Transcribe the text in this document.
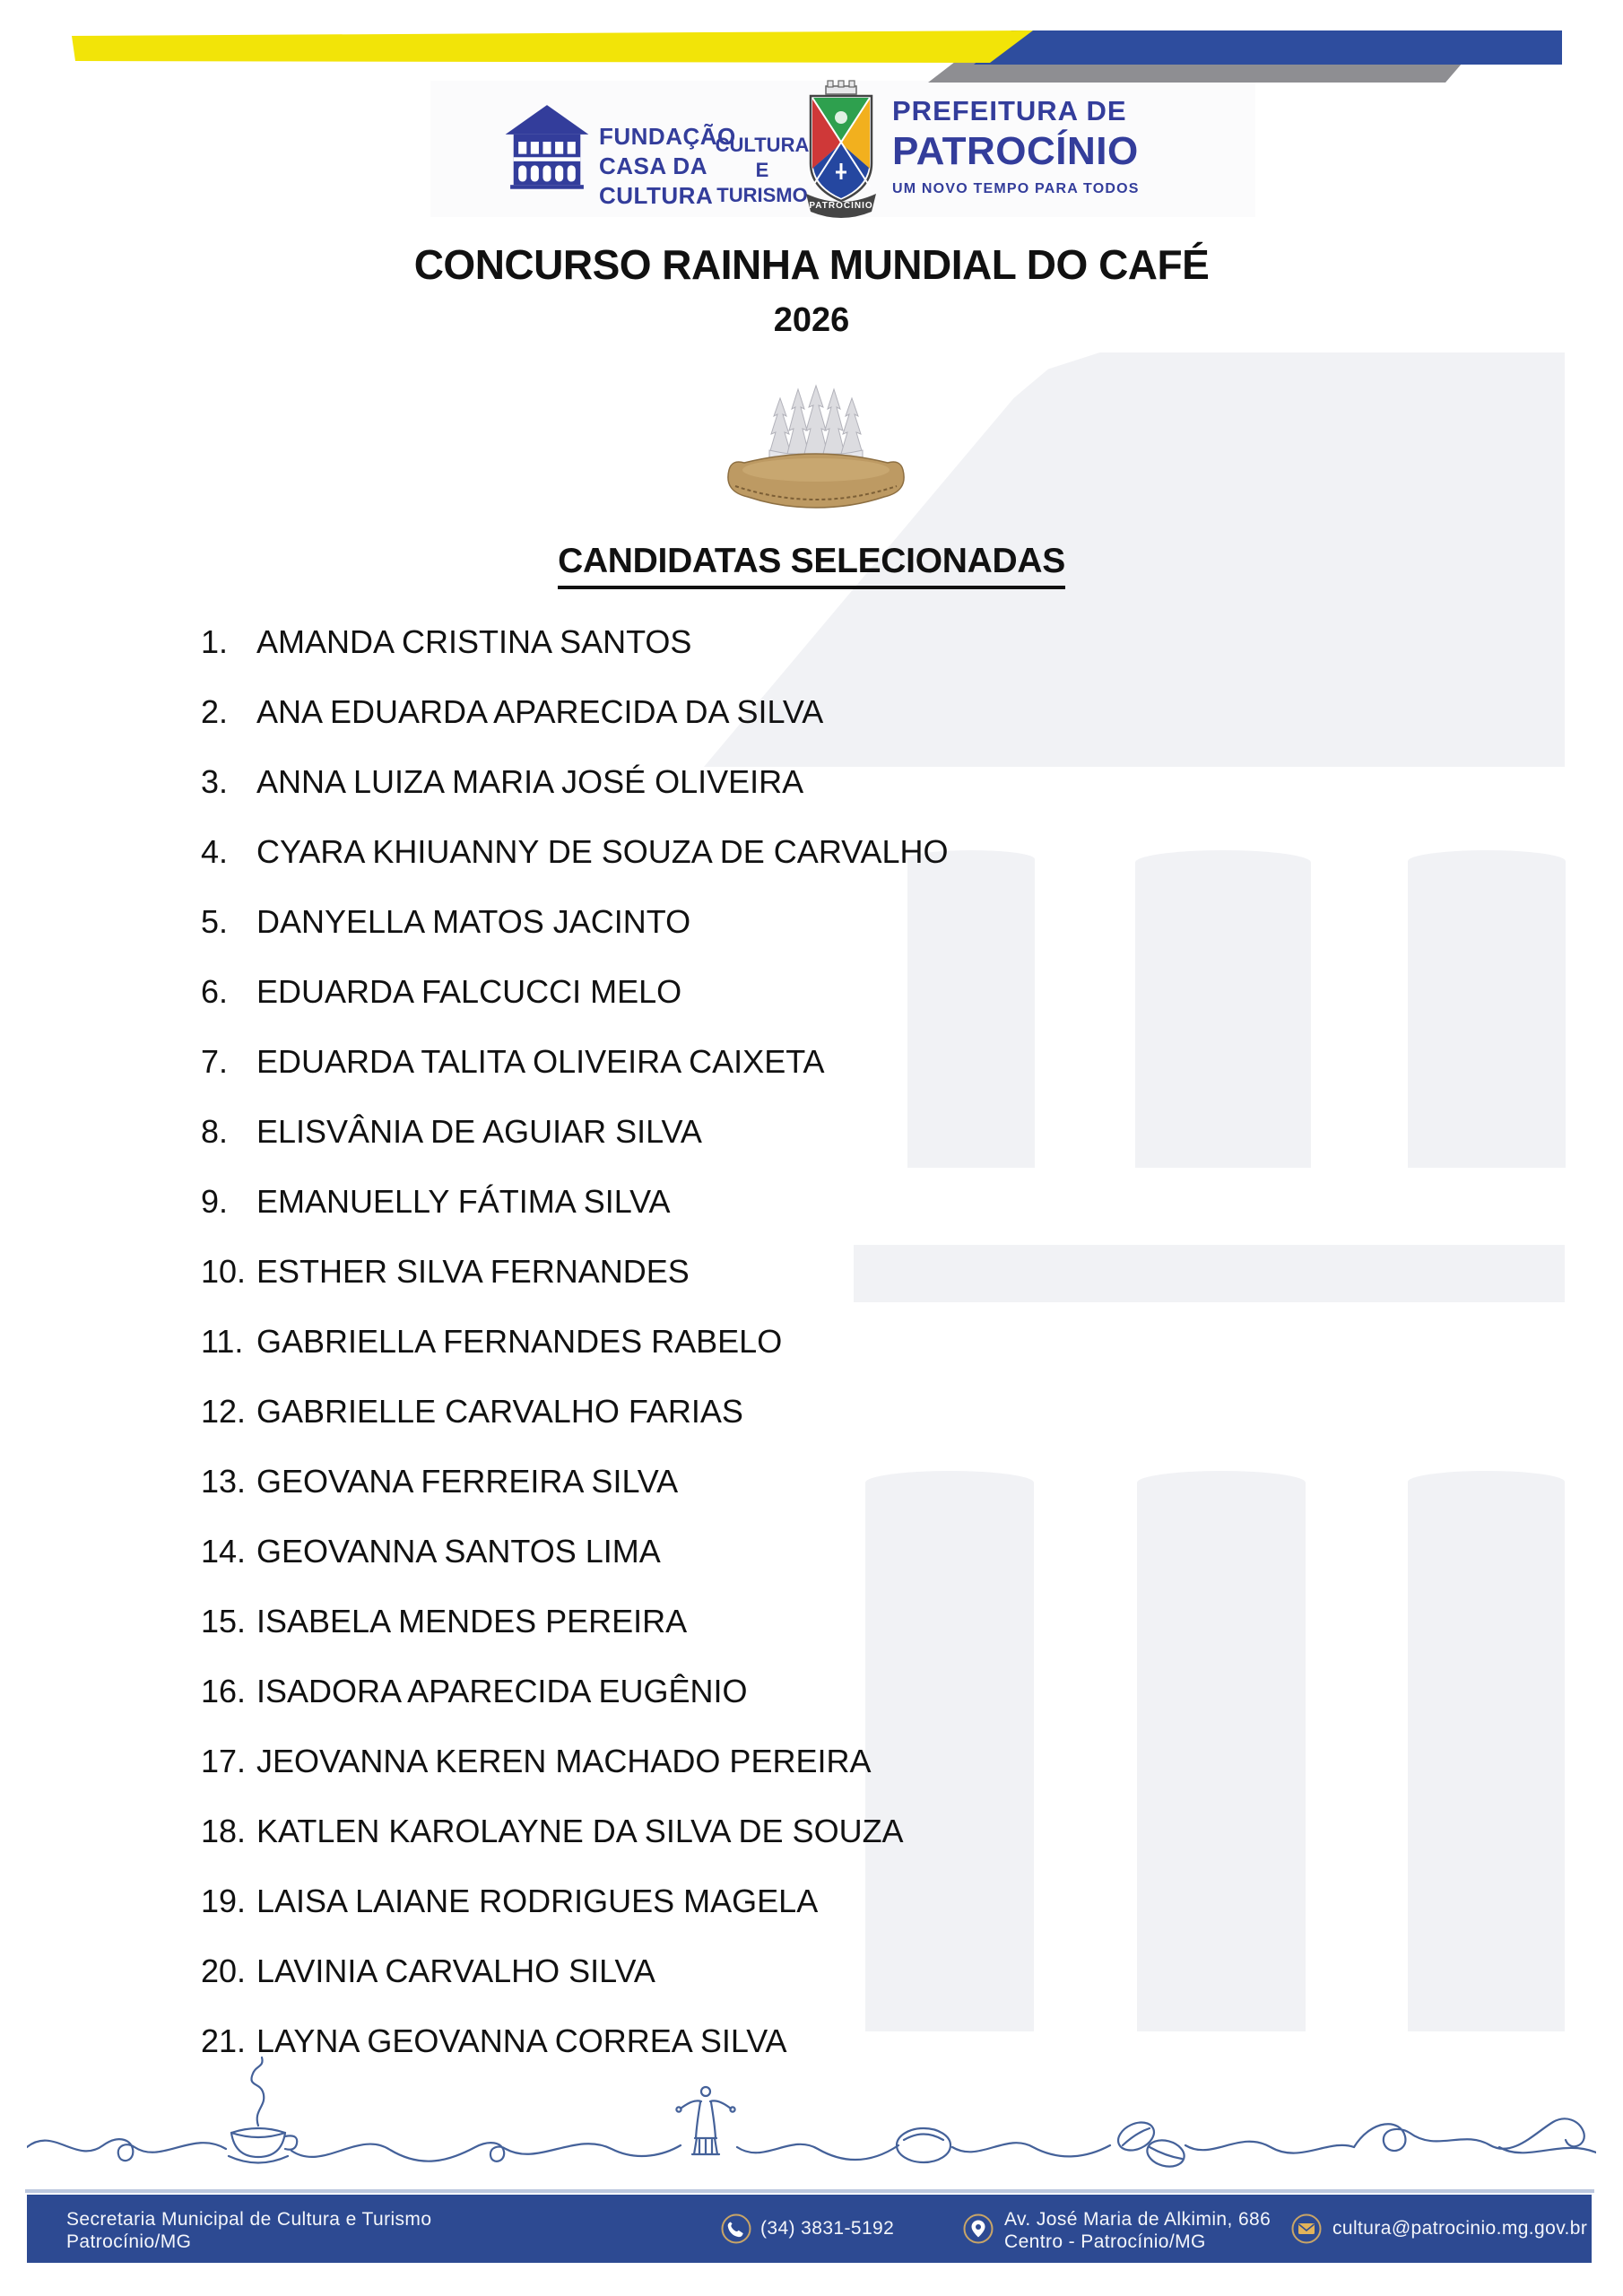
FUNDAÇÃO
CASA DA
CULTURA
CULTURA E
TURISMO PATROCÍNIO
PREFEITURA DE
PATROCÍNIO
UM NOVO TEMPO PARA TODOS
CONCURSO RAINHA MUNDIAL DO CAFÉ
2026
CANDIDATAS SELECIONADAS
1. AMANDA CRISTINA SANTOS
2. ANA EDUARDA APARECIDA DA SILVA
3. ANNA LUIZA MARIA JOSÉ OLIVEIRA
4. CYARA KHIUANNY DE SOUZA DE CARVALHO
5. DANYELLA MATOS JACINTO
6. EDUARDA FALCUCCI MELO
7. EDUARDA TALITA OLIVEIRA CAIXETA
8. ELISVÂNIA DE AGUIAR SILVA
9. EMANUELLY FÁTIMA SILVA
10. ESTHER SILVA FERNANDES
11. GABRIELLA FERNANDES RABELO
12. GABRIELLE CARVALHO FARIAS
13. GEOVANA FERREIRA SILVA
14. GEOVANNA SANTOS LIMA
15. ISABELA MENDES PEREIRA
16. ISADORA APARECIDA EUGÊNIO
17. JEOVANNA KEREN MACHADO PEREIRA
18. KATLEN KAROLAYNE DA SILVA DE SOUZA
19. LAISA LAIANE RODRIGUES MAGELA
20. LAVINIA CARVALHO SILVA
21. LAYNA GEOVANNA CORREA SILVA
Secretaria Municipal de Cultura e Turismo
Patrocínio/MG
(34) 3831-5192	Av. José Maria de Alkimin, 686
Centro - Patrocínio/MG
cultura@patrocinio.mg.gov.br
